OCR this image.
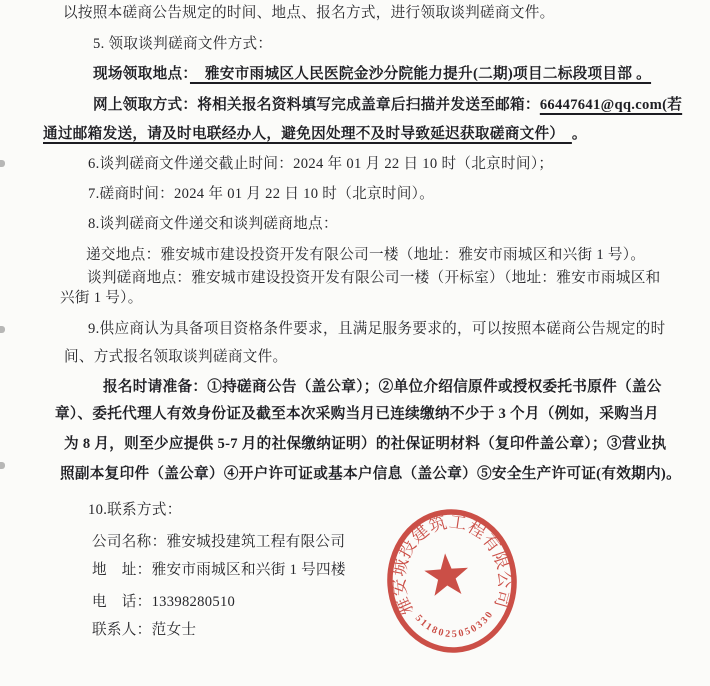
以按照本磋商公告规定的时间、地点、报名方式，进行领取谈判磋商文件。
5. 领取谈判磋商文件方式：
现场领取地点：　雅安市雨城区人民医院金沙分院能力提升(二期)项目二标段项目部 。
网上领取方式：将相关报名资料填写完成盖章后扫描并发送至邮箱：66447641@qq.com(若
通过邮箱发送，请及时电联经办人，避免因处理不及时导致延迟获取磋商文件）　。
6.谈判磋商文件递交截止时间：2024 年 01 月 22 日 10 时（北京时间）；
7.磋商时间：2024 年 01 月 22 日 10 时（北京时间）。
8.谈判磋商文件递交和谈判磋商地点：
递交地点：雅安城市建设投资开发有限公司一楼（地址：雅安市雨城区和兴街 1 号）。
谈判磋商地点：雅安城市建设投资开发有限公司一楼（开标室）（地址：雅安市雨城区和
兴街 1 号）。
9.供应商认为具备项目资格条件要求，且满足服务要求的，可以按照本磋商公告规定的时
间、方式报名领取谈判磋商文件。
报名时请准备：①持磋商公告（盖公章）；②单位介绍信原件或授权委托书原件（盖公
章）、委托代理人有效身份证及截至本次采购当月已连续缴纳不少于 3 个月（例如，采购当月
为 8 月，则至少应提供 5-7 月的社保缴纳证明）的社保证明材料（复印件盖公章）；③营业执
照副本复印件（盖公章）④开户许可证或基本户信息（盖公章）⑤安全生产许可证(有效期内)。
10.联系方式：
公司名称：雅安城投建筑工程有限公司
地　址：雅安市雨城区和兴街 1 号四楼
电　话：13398280510
联系人：范女士
雅安城投建筑工程有限公司
5118025050330
